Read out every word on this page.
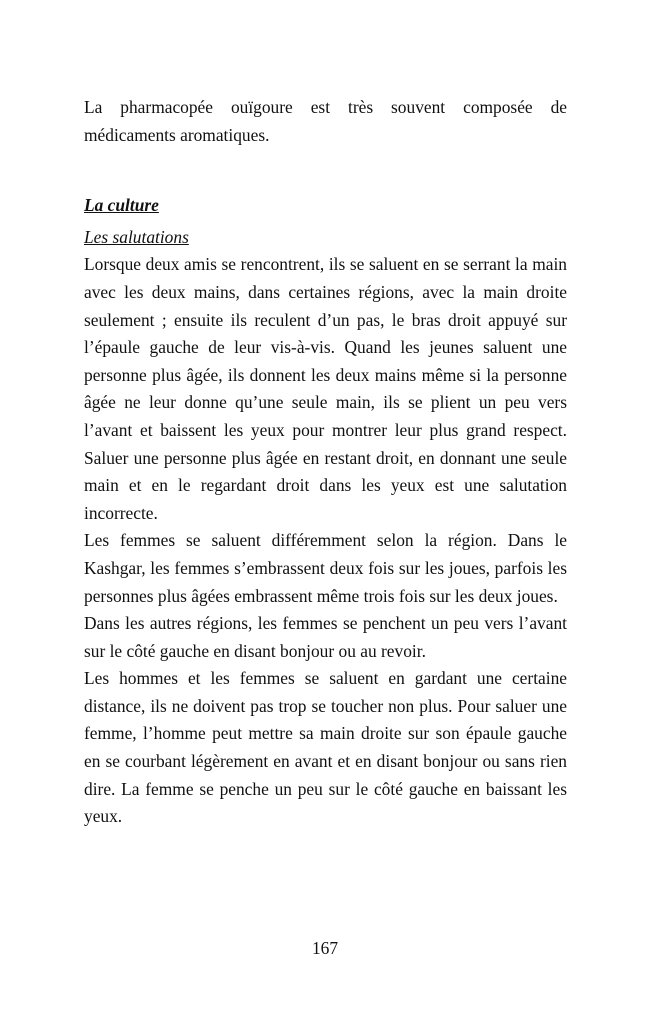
La pharmacopée ouïgoure est très souvent composée de médicaments aromatiques.

La culture
Les salutations

Lorsque deux amis se rencontrent, ils se saluent en se serrant la main avec les deux mains, dans certaines régions, avec la main droite seulement ; ensuite ils reculent d’un pas, le bras droit appuyé sur l’épaule gauche de leur vis-à-vis. Quand les jeunes saluent une personne plus âgée, ils donnent les deux mains même si la personne âgée ne leur donne qu’une seule main, ils se plient un peu vers l’avant et baissent les yeux pour montrer leur plus grand respect. Saluer une personne plus âgée en restant droit, en donnant une seule main et en le regardant droit dans les yeux est une salutation incorrecte.

Les femmes se saluent différemment selon la région. Dans le Kashgar, les femmes s’embrassent deux fois sur les joues, parfois les personnes plus âgées embrassent même trois fois sur les deux joues.

Dans les autres régions, les femmes se penchent un peu vers l’avant sur le côté gauche en disant bonjour ou au revoir.

Les hommes et les femmes se saluent en gardant une certaine distance, ils ne doivent pas trop se toucher non plus. Pour saluer une femme, l’homme peut mettre sa main droite sur son épaule gauche en se courbant légèrement en avant et en disant bonjour ou sans rien dire. La femme se penche un peu sur le côté gauche en baissant les yeux.

167
